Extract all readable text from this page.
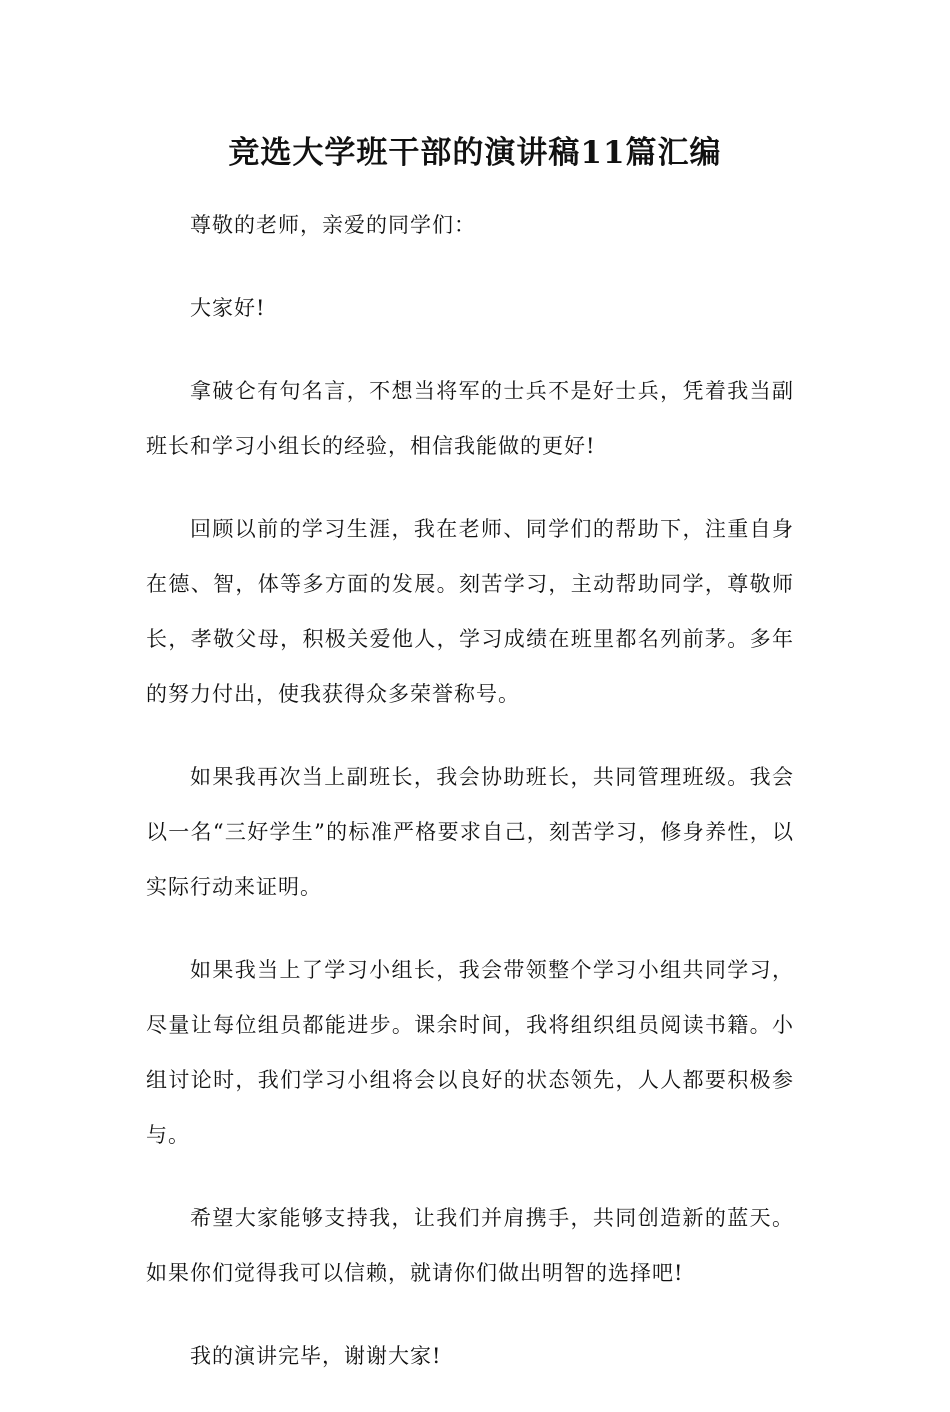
竞选大学班干部的演讲稿11篇汇编

尊敬的老师，亲爱的同学们：

大家好!

拿破仑有句名言，不想当将军的士兵不是好士兵，凭着我当副班长和学习小组长的经验，相信我能做的更好!

回顾以前的学习生涯，我在老师、同学们的帮助下，注重自身在德、智，体等多方面的发展。刻苦学习，主动帮助同学，尊敬师长，孝敬父母，积极关爱他人，学习成绩在班里都名列前茅。多年的努力付出，使我获得众多荣誉称号。

如果我再次当上副班长，我会协助班长，共同管理班级。我会以一名“三好学生”的标准严格要求自己，刻苦学习，修身养性，以实际行动来证明。

如果我当上了学习小组长，我会带领整个学习小组共同学习，尽量让每位组员都能进步。课余时间，我将组织组员阅读书籍。小组讨论时，我们学习小组将会以良好的状态领先，人人都要积极参与。

希望大家能够支持我，让我们并肩携手，共同创造新的蓝天。如果你们觉得我可以信赖，就请你们做出明智的选择吧!

我的演讲完毕，谢谢大家!
